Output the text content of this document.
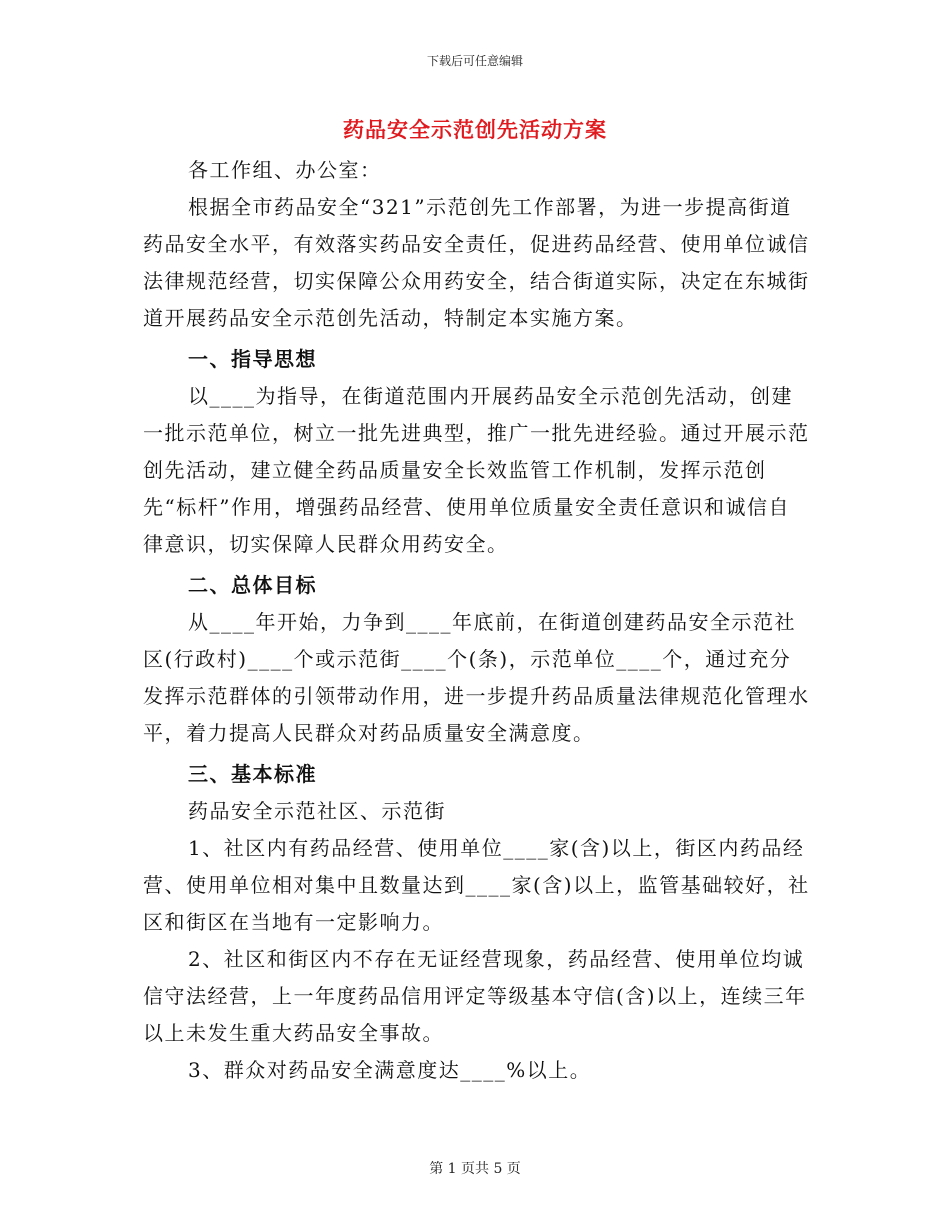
下载后可任意编辑
药品安全示范创先活动方案

各工作组、办公室：

根据全市药品安全“321”示范创先工作部署，为进一步提高街道药品安全水平，有效落实药品安全责任，促进药品经营、使用单位诚信法律规范经营，切实保障公众用药安全，结合街道实际，决定在东城街道开展药品安全示范创先活动，特制定本实施方案。

一、指导思想

以____为指导，在街道范围内开展药品安全示范创先活动，创建一批示范单位，树立一批先进典型，推广一批先进经验。通过开展示范创先活动，建立健全药品质量安全长效监管工作机制，发挥示范创先“标杆”作用，增强药品经营、使用单位质量安全责任意识和诚信自律意识，切实保障人民群众用药安全。

二、总体目标

从____年开始，力争到____年底前，在街道创建药品安全示范社区(行政村)____个或示范街____个(条)，示范单位____个，通过充分发挥示范群体的引领带动作用，进一步提升药品质量法律规范化管理水平，着力提高人民群众对药品质量安全满意度。

三、基本标准

药品安全示范社区、示范街

1、社区内有药品经营、使用单位____家(含)以上，街区内药品经营、使用单位相对集中且数量达到____家(含)以上，监管基础较好，社区和街区在当地有一定影响力。

2、社区和街区内不存在无证经营现象，药品经营、使用单位均诚信守法经营，上一年度药品信用评定等级基本守信(含)以上，连续三年以上未发生重大药品安全事故。

3、群众对药品安全满意度达____%以上。

第 1 页共 5 页
